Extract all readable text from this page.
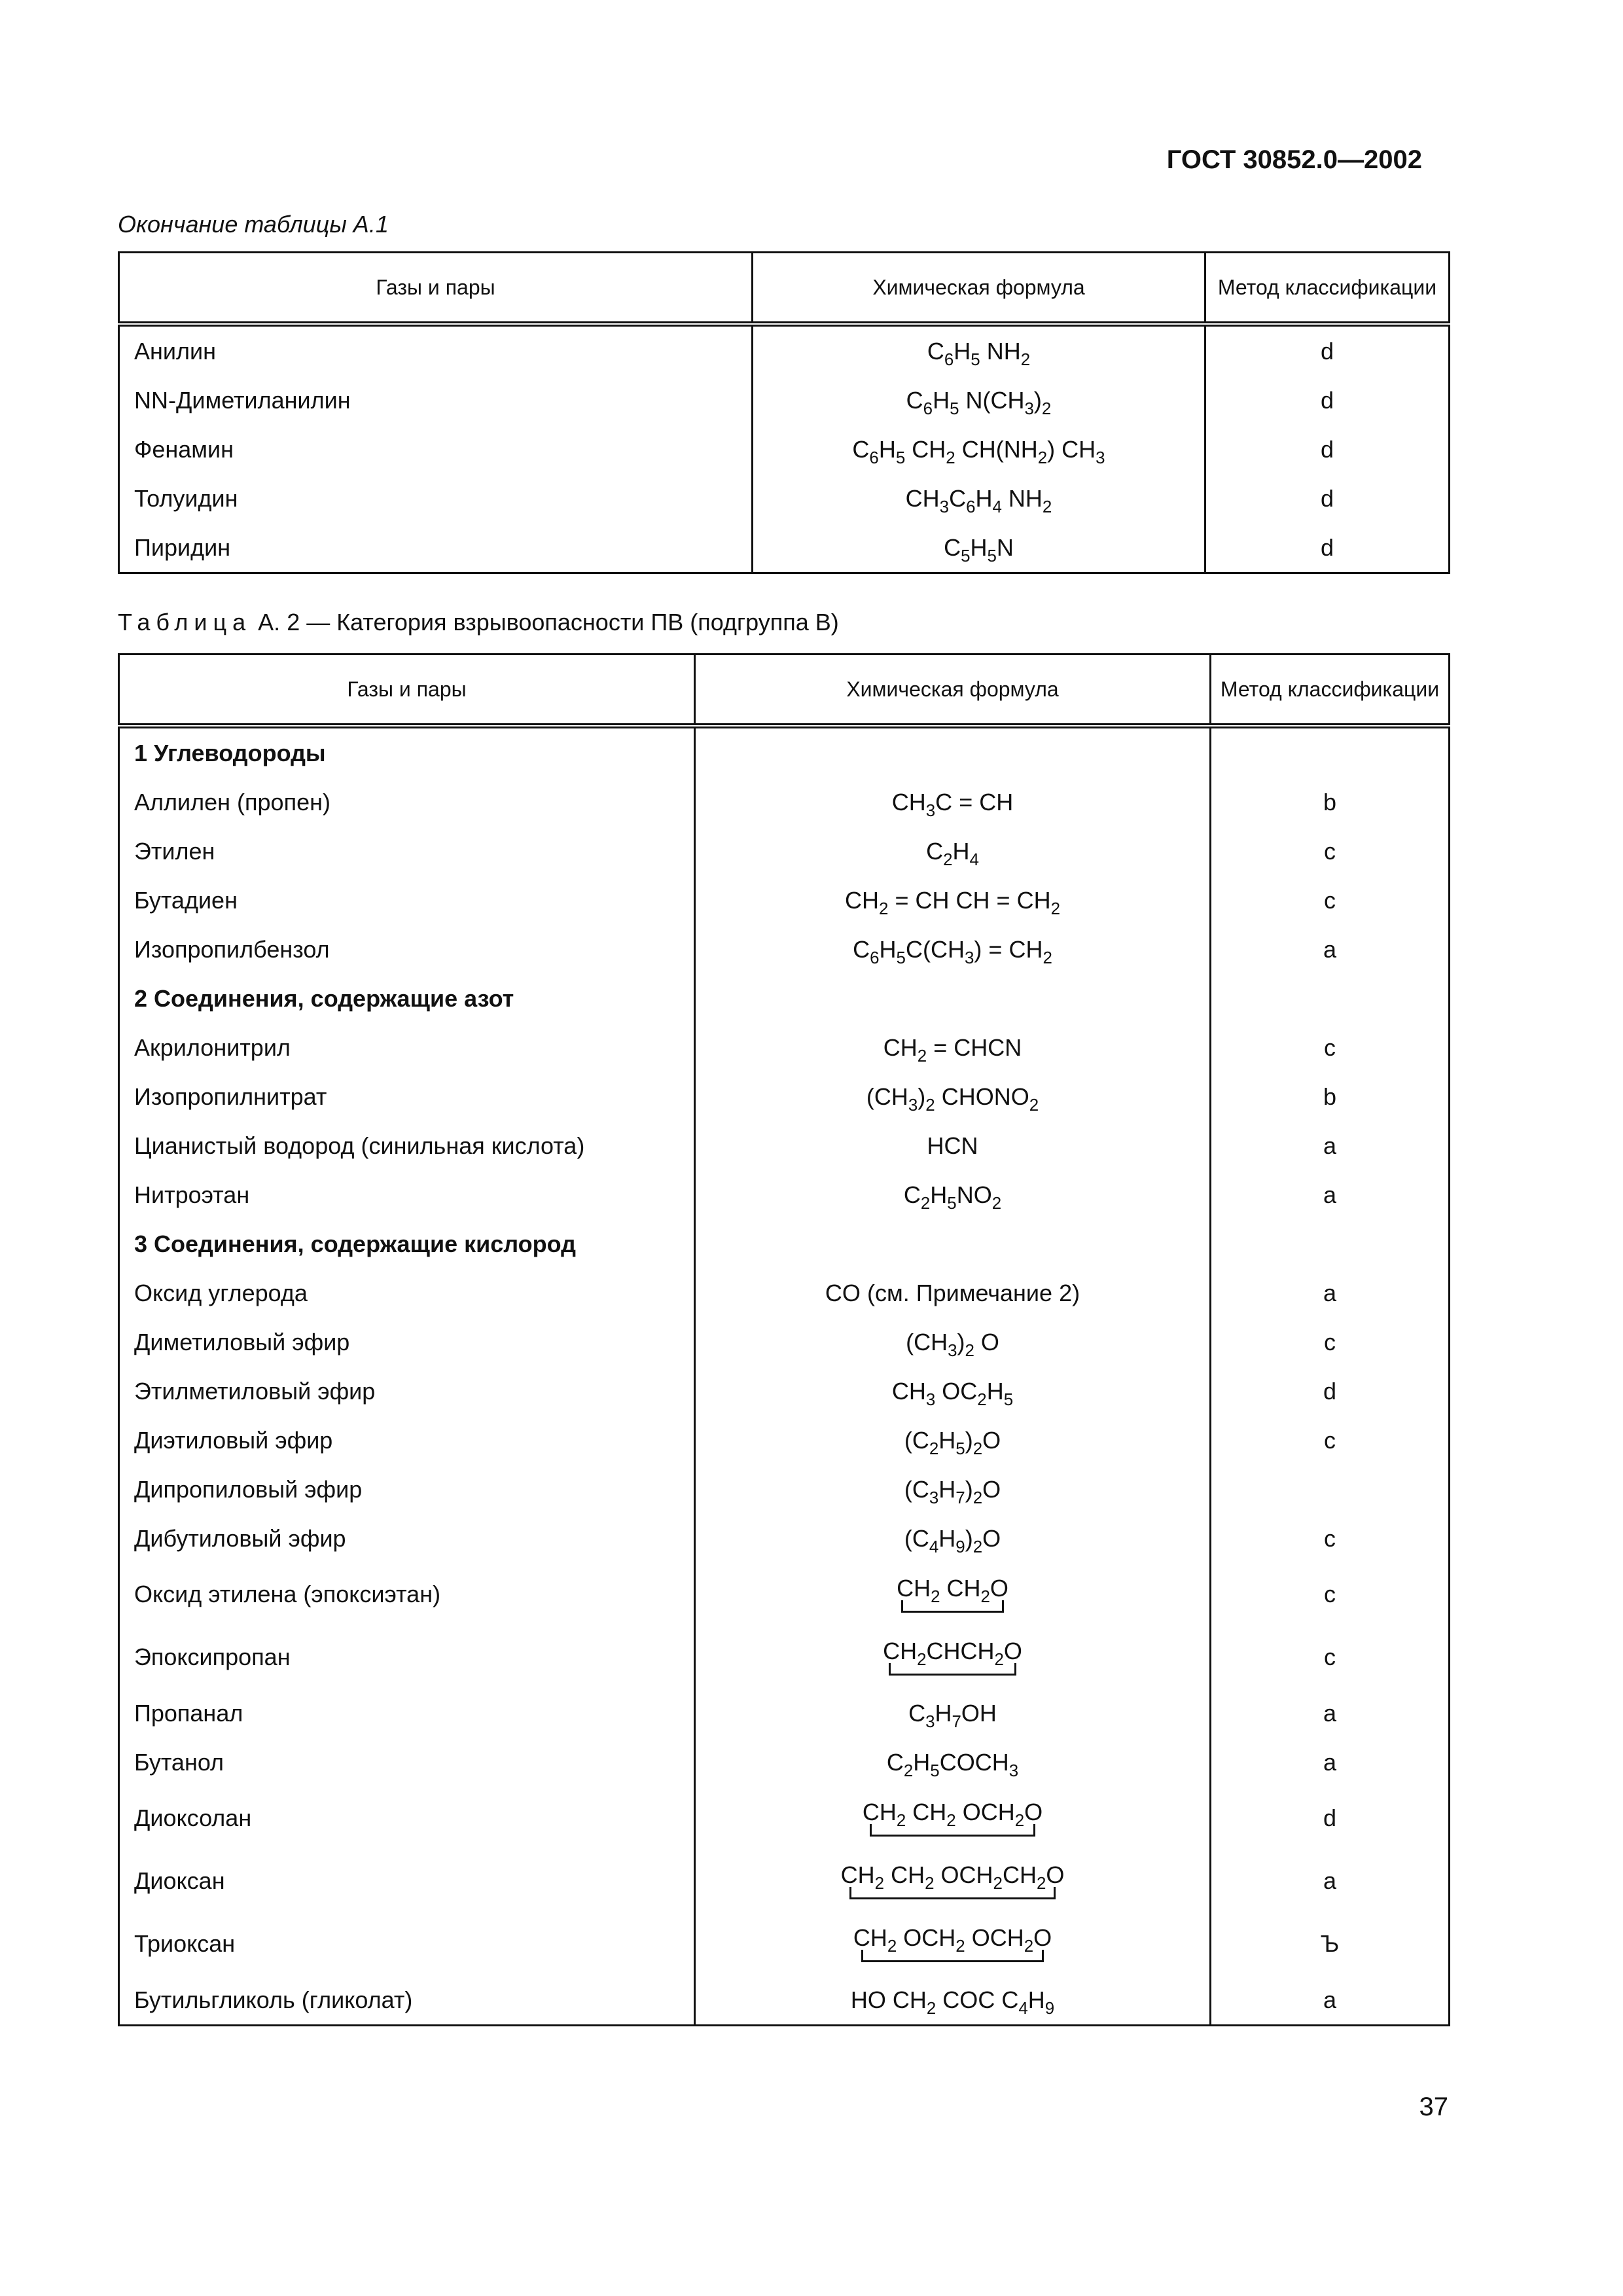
ГОСТ 30852.0—2002
Окончание таблицы А.1
Газы и пары	Химическая формула	Метод классификации
Анилин	$C_6H_5$ $NH_2$	d
NN-Диметиланилин	$C_6H_5$ $N(CH_3)_2$	d
Фенамин	$C_6H_5$ $CH_2$ $CH(NH_2)$ $CH_3$	d
Толуидин	$CH_3C_6H_4$ $NH_2$	d
Пиридин	$C_5H_5N$	d
Таблица А. 2 — Категория взрывоопасности ПВ (подгруппа В)
Газы и пары	Химическая формула	Метод классификации
1 Углеводороды		
Аллилен (пропен)	$CH_3C$ = CH	b
Этилен	$C_2H_4$	c
Бутадиен	$CH_2$ = CH CH = $CH_2$	c
Изопропилбензол	$C_6H_5C(CH_3) = CH_2$	a
2 Соединения, содержащие азот		
Акрилонитрил	$CH_2$ = CHCN	c
Изопропилнитрат	$(CH_3)_2$ $CHONO_2$	b
Цианистый водород (синильная кислота)	HCN	a
Нитроэтан	$C_2H_5NO_2$	a
3 Соединения, содержащие кислород		
Оксид углерода	CO (см. Примечание 2)	a
Диметиловый эфир	$(CH_3)_2$ O	c
Этилметиловый эфир	$CH_3$ $OC_2H_5$	d
Диэтиловый эфир	$(C_2H_5)_2O$	c
Дипропиловый эфир	$(C_3H_7)_2O$	
Дибутиловый эфир	$(C_4H_9)_2O$	c
Оксид этилена (эпоксиэтан)	$CH_2$ $CH_2O$	c
Эпоксипропан	$CH_2CHCH_2O$	c
Пропанал	$C_3H_7OH$	a
Бутанол	$C_2H_5COCH_3$	a
Диоксолан	$CH_2$ $CH_2$ $OCH_2O$	d
Диоксан	$CH_2$ $CH_2$ $OCH_2CH_2O$	a
Триоксан	$CH_2$ $OCH_2$ $OCH_2O$	Ъ
Бутильгликоль (гликолат)	HO $CH_2$ COC $C_4H_9$	a
37
